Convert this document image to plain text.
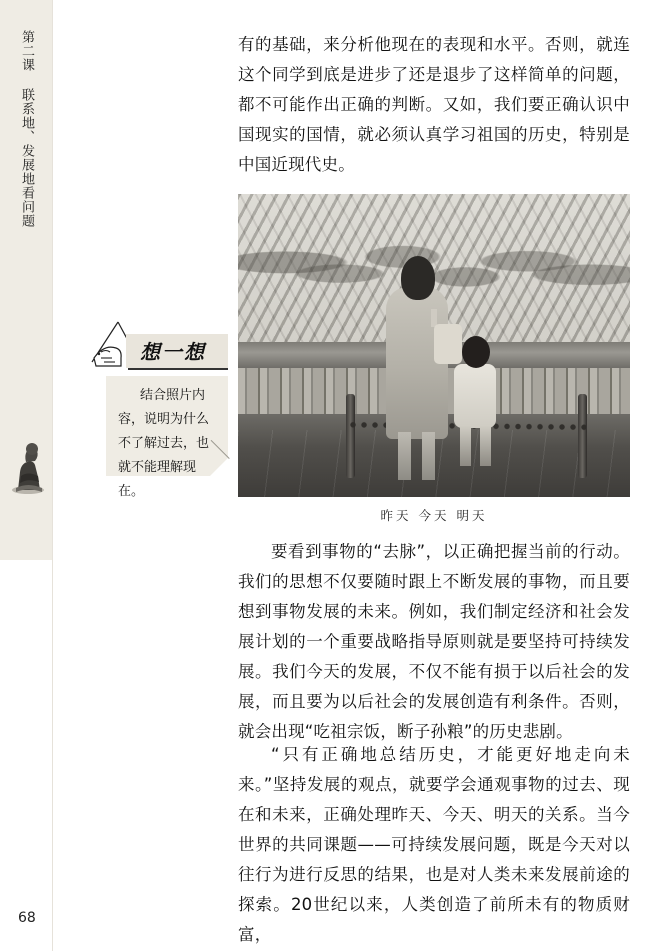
第二课 联系地、发展地看问题
68
想一想
结合照片内容，说明为什么不了解过去，也就不能理解现在。

有的基础，来分析他现在的表现和水平。否则，就连这个同学到底是进步了还是退步了这样简单的问题，都不可能作出正确的判断。又如，我们要正确认识中国现实的国情，就必须认真学习祖国的历史，特别是中国近现代史。

昨天 今天 明天

要看到事物的“去脉”，以正确把握当前的行动。我们的思想不仅要随时跟上不断发展的事物，而且要想到事物发展的未来。例如，我们制定经济和社会发展计划的一个重要战略指导原则就是要坚持可持续发展。我们今天的发展，不仅不能有损于以后社会的发展，而且要为以后社会的发展创造有利条件。否则，就会出现“吃祖宗饭，断子孙粮”的历史悲剧。

“只有正确地总结历史，才能更好地走向未来。”坚持发展的观点，就要学会通观事物的过去、现在和未来，正确处理昨天、今天、明天的关系。当今世界的共同课题——可持续发展问题，既是今天对以往行为进行反思的结果，也是对人类未来发展前途的探索。20世纪以来，人类创造了前所未有的物质财富，
